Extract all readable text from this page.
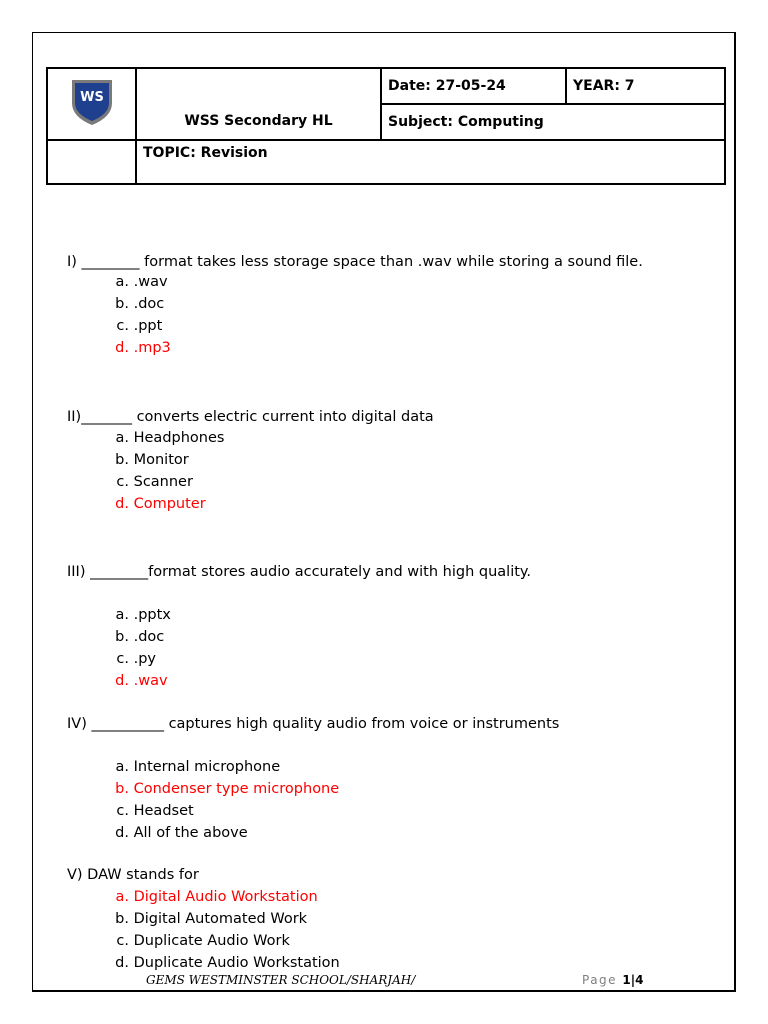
WS	WSS Secondary HL	Date: 27-05-24	YEAR: 7
		Subject: Computing	
	TOPIC: Revision		
I) ________ format takes less storage space than .wav while storing a sound file.
a. .wav
b. .doc
c. .ppt
d. .mp3
II)_______ converts electric current into digital data
a. Headphones
b. Monitor
c. Scanner
d. Computer
III) ________format stores audio accurately and with high quality.
a. .pptx
b. .doc
c. .py
d. .wav
IV) __________ captures high quality audio from voice or instruments
a. Internal microphone
b. Condenser type microphone
c. Headset
d. All of the above
V) DAW stands for
a. Digital Audio Workstation
b. Digital Automated Work
c. Duplicate Audio Work
d. Duplicate Audio Workstation
GEMS WESTMINSTER SCHOOL/SHARJAH/	Page 1|4
